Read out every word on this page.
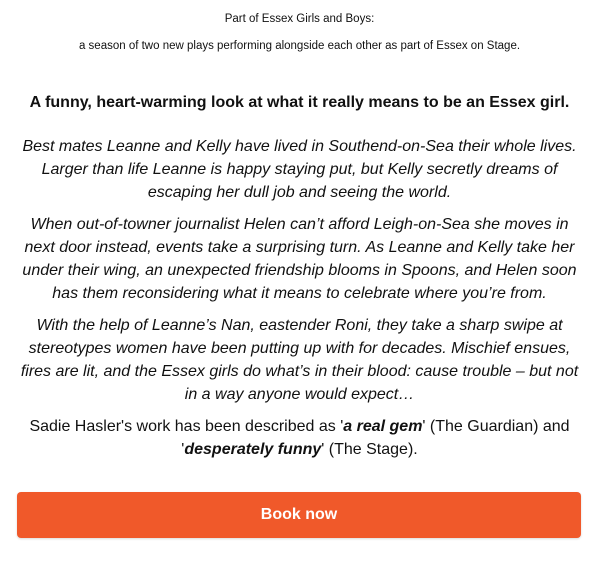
Part of Essex Girls and Boys:
a season of two new plays performing alongside each other as part of Essex on Stage.

A funny, heart-warming look at what it really means to be an Essex girl.

Best mates Leanne and Kelly have lived in Southend-on-Sea their whole lives. Larger than life Leanne is happy staying put, but Kelly secretly dreams of escaping her dull job and seeing the world.

When out-of-towner journalist Helen can’t afford Leigh-on-Sea she moves in next door instead, events take a surprising turn. As Leanne and Kelly take her under their wing, an unexpected friendship blooms in Spoons, and Helen soon has them reconsidering what it means to celebrate where you’re from.

With the help of Leanne’s Nan, eastender Roni, they take a sharp swipe at stereotypes women have been putting up with for decades. Mischief ensues, fires are lit, and the Essex girls do what’s in their blood: cause trouble – but not in a way anyone would expect…

Sadie Hasler's work has been described as 'a real gem' (The Guardian) and 'desperately funny' (The Stage).

Book now
